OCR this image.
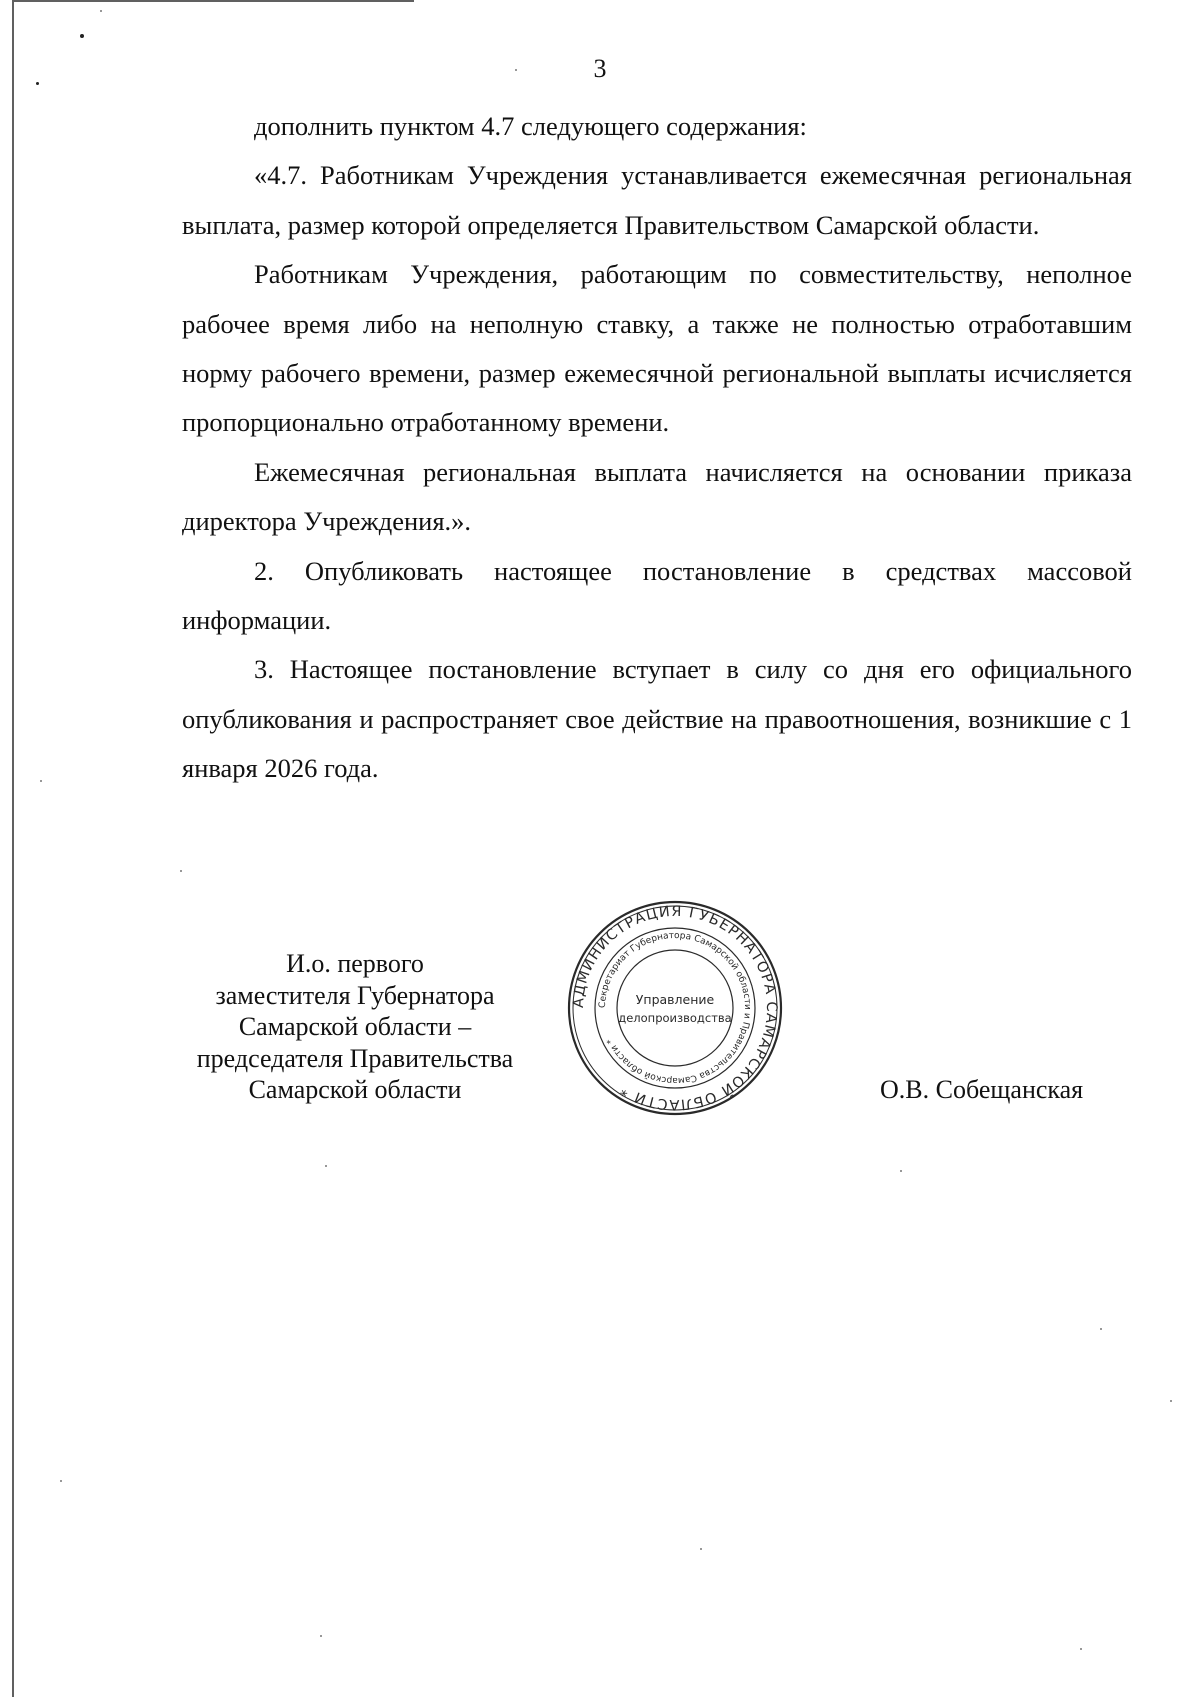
3

дополнить пунктом 4.7 следующего содержания:

«4.7. Работникам Учреждения устанавливается ежемесячная региональная выплата, размер которой определяется Правительством Самарской области.

Работникам Учреждения, работающим по совместительству, неполное рабочее время либо на неполную ставку, а также не полностью отработавшим норму рабочего времени, размер ежемесячной региональной выплаты исчисляется пропорционально отработанному времени.

Ежемесячная региональная выплата начисляется на основании приказа директора Учреждения.».

2. Опубликовать настоящее постановление в средствах массовой информации.

3. Настоящее постановление вступает в силу со дня его официального опубликования и распространяет свое действие на правоотношения, возникшие с 1 января 2026 года.

И.о. первого
заместителя Губернатора
Самарской области –
председателя Правительства
Самарской области
АДМИНИСТРАЦИЯ ГУБЕРНАТОРА САМАРСКОЙ ОБЛАСТИ *
Секретариат Губернатора Самарской области и Правительства Самарской области *
Управление
делопроизводства
О.В. Собещанская
